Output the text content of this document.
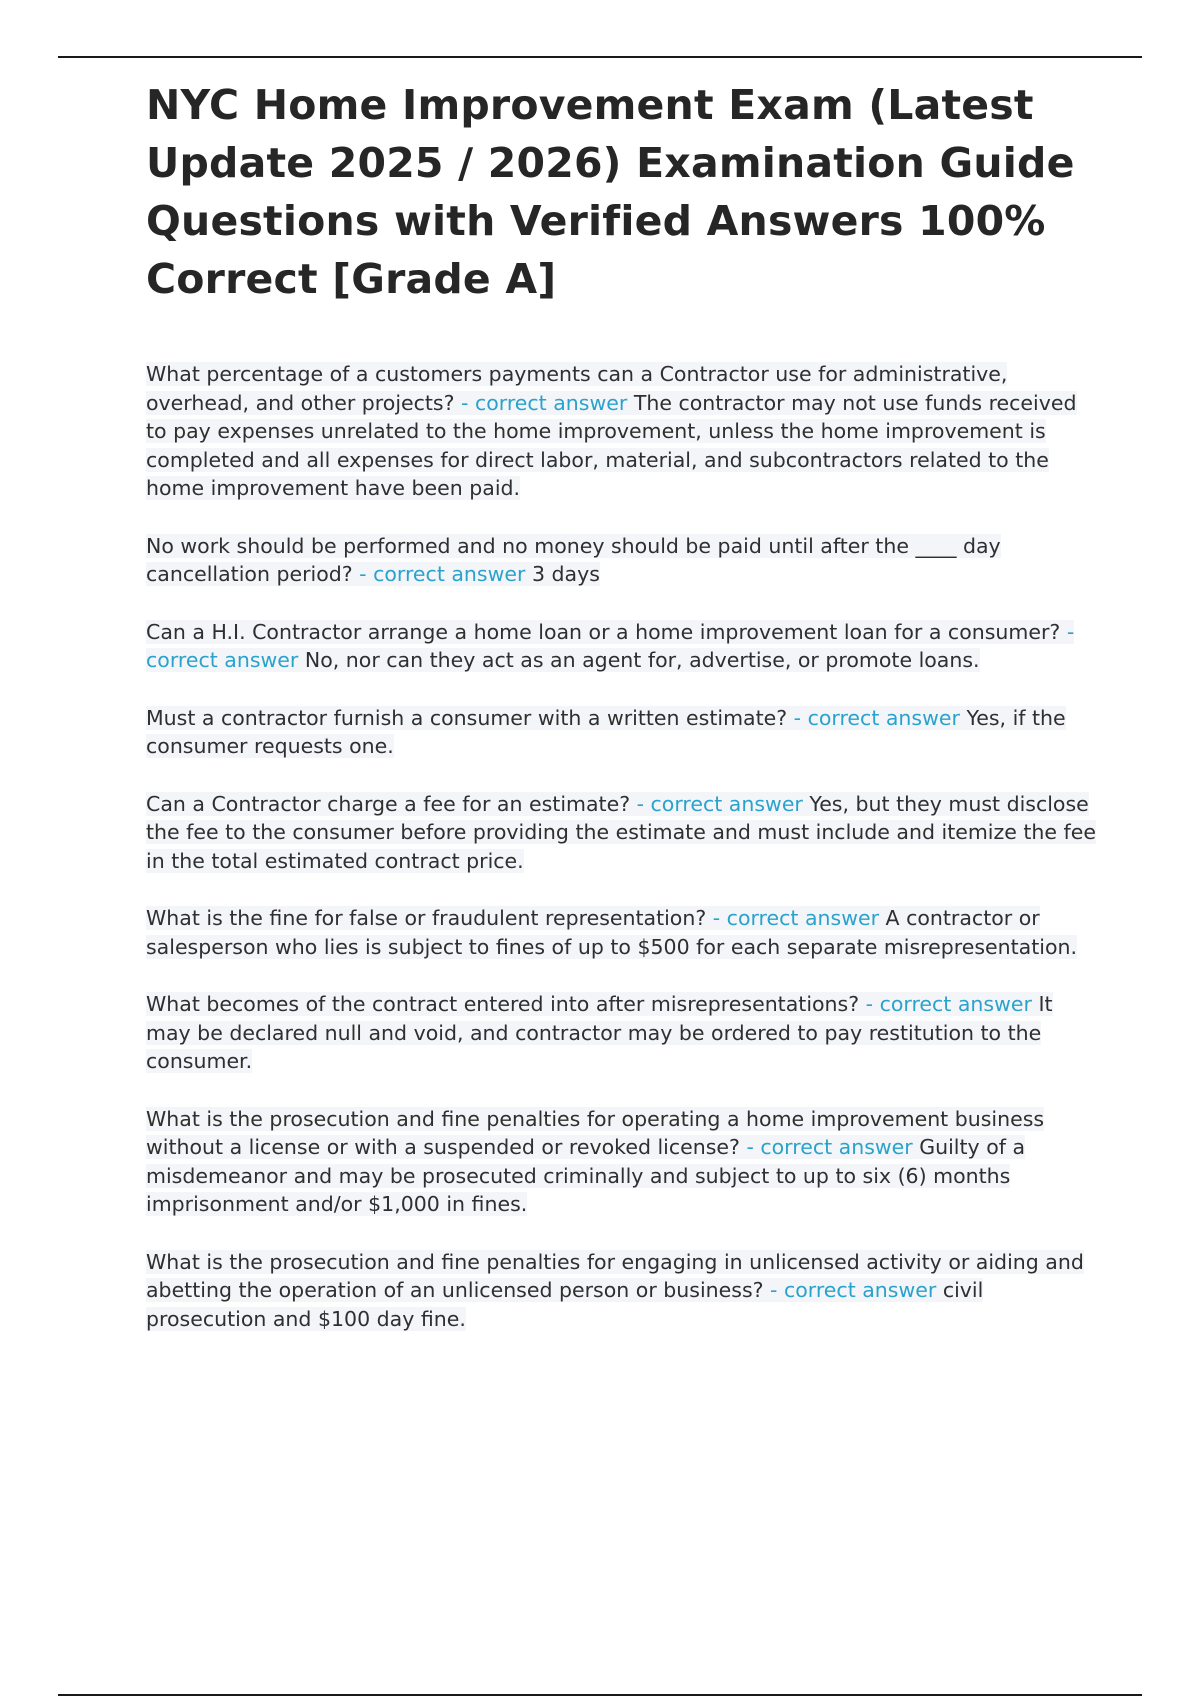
NYC Home Improvement Exam (Latest Update 2025 / 2026) Examination Guide Questions with Verified Answers 100% Correct [Grade A]

What percentage of a customers payments can a Contractor use for administrative, overhead, and other projects? - correct answer The contractor may not use funds received to pay expenses unrelated to the home improvement, unless the home improvement is completed and all expenses for direct labor, material, and subcontractors related to the home improvement have been paid.

No work should be performed and no money should be paid until after the ____ day cancellation period? - correct answer 3 days

Can a H.I. Contractor arrange a home loan or a home improvement loan for a consumer? - correct answer No, nor can they act as an agent for, advertise, or promote loans.

Must a contractor furnish a consumer with a written estimate? - correct answer Yes, if the consumer requests one.

Can a Contractor charge a fee for an estimate? - correct answer Yes, but they must disclose the fee to the consumer before providing the estimate and must include and itemize the fee in the total estimated contract price.

What is the fine for false or fraudulent representation? - correct answer A contractor or salesperson who lies is subject to fines of up to $500 for each separate misrepresentation.

What becomes of the contract entered into after misrepresentations? - correct answer It may be declared null and void, and contractor may be ordered to pay restitution to the consumer.

What is the prosecution and fine penalties for operating a home improvement business without a license or with a suspended or revoked license? - correct answer Guilty of a misdemeanor and may be prosecuted criminally and subject to up to six (6) months imprisonment and/or $1,000 in fines.

What is the prosecution and fine penalties for engaging in unlicensed activity or aiding and abetting the operation of an unlicensed person or business? - correct answer civil prosecution and $100 day fine.
